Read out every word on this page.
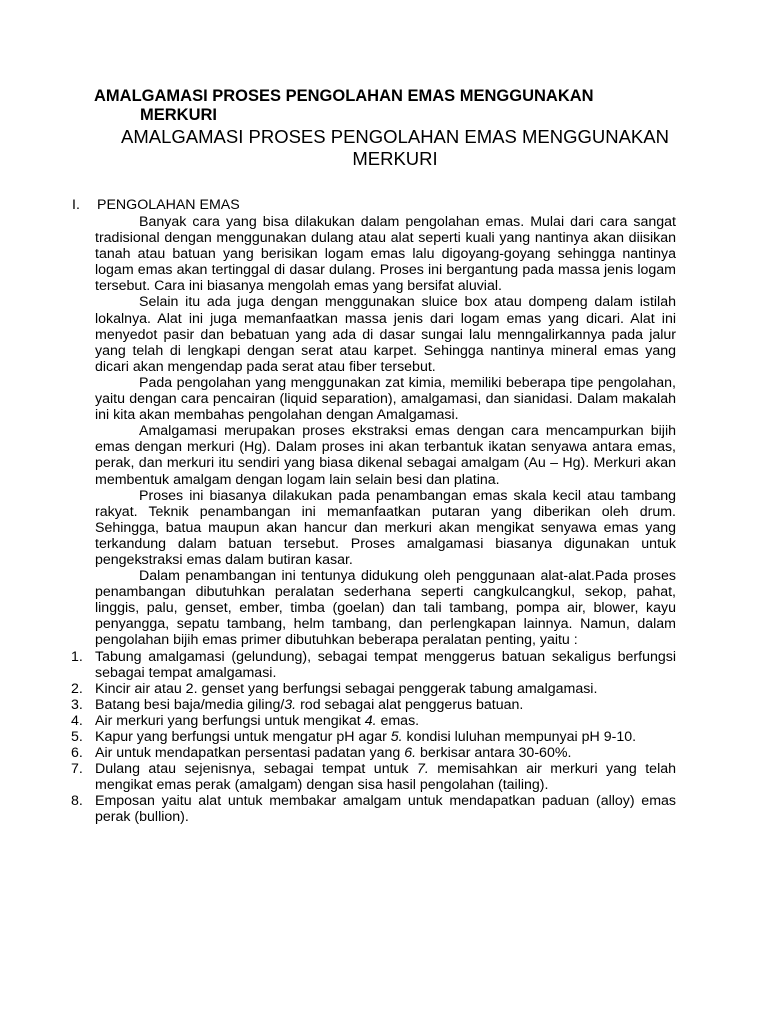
AMALGAMASI PROSES PENGOLAHAN EMAS MENGGUNAKAN
MERKURI
AMALGAMASI PROSES PENGOLAHAN EMAS MENGGUNAKAN
MERKURI
I. PENGOLAHAN EMAS

Banyak cara yang bisa dilakukan dalam pengolahan emas. Mulai dari cara sangat tradisional dengan menggunakan dulang atau alat seperti kuali yang nantinya akan diisikan tanah atau batuan yang berisikan logam emas lalu digoyang-goyang sehingga nantinya logam emas akan tertinggal di dasar dulang. Proses ini bergantung pada massa jenis logam tersebut. Cara ini biasanya mengolah emas yang bersifat aluvial.

Selain itu ada juga dengan menggunakan sluice box atau dompeng dalam istilah lokalnya. Alat ini juga memanfaatkan massa jenis dari logam emas yang dicari. Alat ini menyedot pasir dan bebatuan yang ada di dasar sungai lalu menngalirkannya pada jalur yang telah di lengkapi dengan serat atau karpet. Sehingga nantinya mineral emas yang dicari akan mengendap pada serat atau fiber tersebut.

Pada pengolahan yang menggunakan zat kimia, memiliki beberapa tipe pengolahan, yaitu dengan cara pencairan (liquid separation), amalgamasi, dan sianidasi. Dalam makalah ini kita akan membahas pengolahan dengan Amalgamasi.

Amalgamasi merupakan proses ekstraksi emas dengan cara mencampurkan bijih emas dengan merkuri (Hg). Dalam proses ini akan terbantuk ikatan senyawa antara emas, perak, dan merkuri itu sendiri yang biasa dikenal sebagai amalgam (Au – Hg). Merkuri akan membentuk amalgam dengan logam lain selain besi dan platina.

Proses ini biasanya dilakukan pada penambangan emas skala kecil atau tambang rakyat. Teknik penambangan ini memanfaatkan putaran yang diberikan oleh drum. Sehingga, batua maupun akan hancur dan merkuri akan mengikat senyawa emas yang terkandung dalam batuan tersebut. Proses amalgamasi biasanya digunakan untuk pengekstraksi emas dalam butiran kasar.

Dalam penambangan ini tentunya didukung oleh penggunaan alat-alat.Pada proses penambangan dibutuhkan peralatan sederhana seperti cangkulcangkul, sekop, pahat, linggis, palu, genset, ember, timba (goelan) dan tali tambang, pompa air, blower, kayu penyangga, sepatu tambang, helm tambang, dan perlengkapan lainnya. Namun, dalam pengolahan bijih emas primer dibutuhkan beberapa peralatan penting, yaitu :

1. Tabung amalgamasi (gelundung), sebagai tempat menggerus batuan sekaligus berfungsi sebagai tempat amalgamasi.
2. Kincir air atau 2. genset yang berfungsi sebagai penggerak tabung amalgamasi.
3. Batang besi baja/media giling/3. rod sebagai alat penggerus batuan.
4. Air merkuri yang berfungsi untuk mengikat 4. emas.
5. Kapur yang berfungsi untuk mengatur pH agar 5. kondisi luluhan mempunyai pH 9-10.
6. Air untuk mendapatkan persentasi padatan yang 6. berkisar antara 30-60%.
7. Dulang atau sejenisnya, sebagai tempat untuk 7. memisahkan air merkuri yang telah mengikat emas perak (amalgam) dengan sisa hasil pengolahan (tailing).
8. Emposan yaitu alat untuk membakar amalgam untuk mendapatkan paduan (alloy) emas perak (bullion).
